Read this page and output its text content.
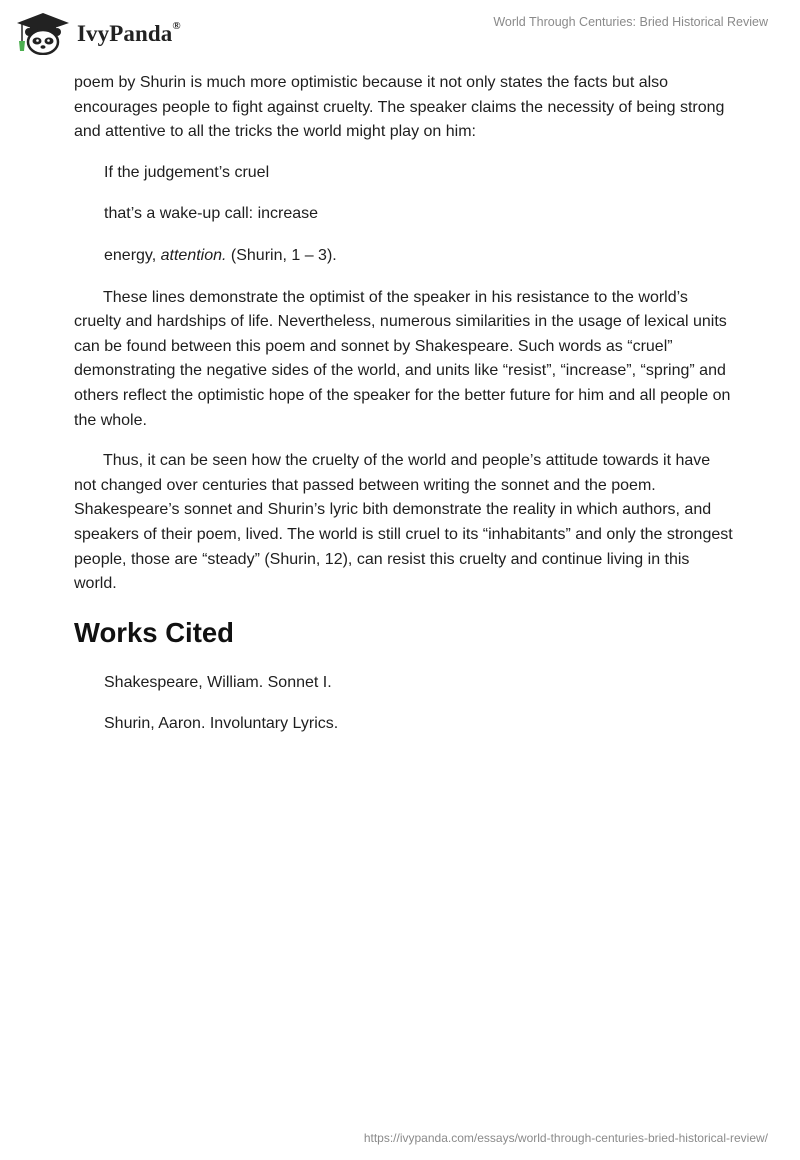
IvyPanda®	World Through Centuries: Bried Historical Review

poem by Shurin is much more optimistic because it not only states the facts but also encourages people to fight against cruelty. The speaker claims the necessity of being strong and attentive to all the tricks the world might play on him:

If the judgement’s cruel

that’s a wake-up call: increase

energy, attention. (Shurin, 1 – 3).

These lines demonstrate the optimist of the speaker in his resistance to the world’s cruelty and hardships of life. Nevertheless, numerous similarities in the usage of lexical units can be found between this poem and sonnet by Shakespeare. Such words as “cruel” demonstrating the negative sides of the world, and units like “resist”, “increase”, “spring” and others reflect the optimistic hope of the speaker for the better future for him and all people on the whole.

Thus, it can be seen how the cruelty of the world and people’s attitude towards it have not changed over centuries that passed between writing the sonnet and the poem. Shakespeare’s sonnet and Shurin’s lyric bith demonstrate the reality in which authors, and speakers of their poem, lived. The world is still cruel to its “inhabitants” and only the strongest people, those are “steady” (Shurin, 12), can resist this cruelty and continue living in this world.

Works Cited

Shakespeare, William. Sonnet I.

Shurin, Aaron. Involuntary Lyrics.

https://ivypanda.com/essays/world-through-centuries-bried-historical-review/
